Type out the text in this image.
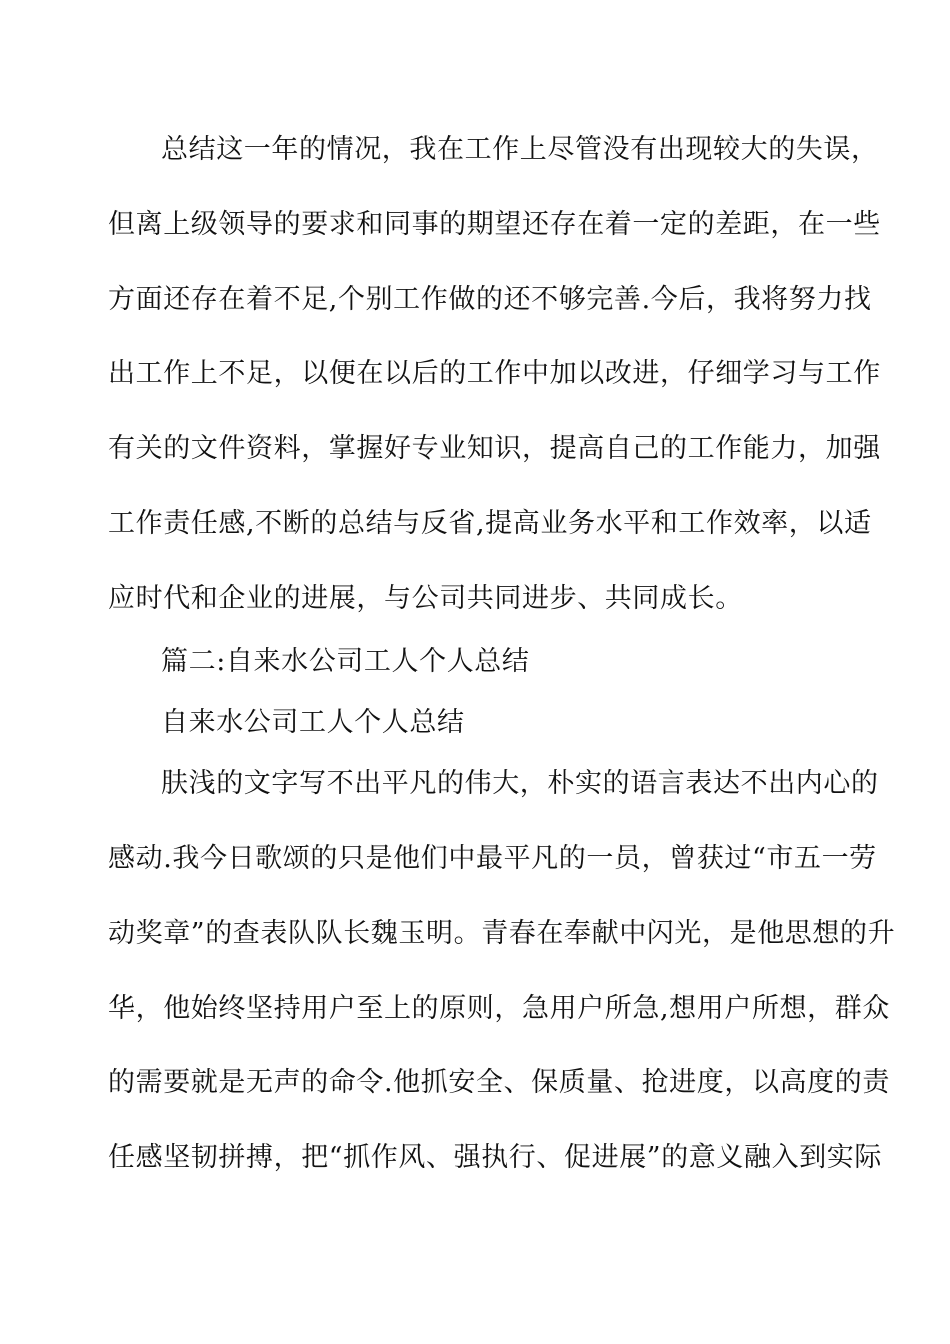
总结这一年的情况，我在工作上尽管没有出现较大的失误，
但离上级领导的要求和同事的期望还存在着一定的差距，在一些
方面还存在着不足,个别工作做的还不够完善.今后，我将努力找
出工作上不足，以便在以后的工作中加以改进，仔细学习与工作
有关的文件资料，掌握好专业知识，提高自己的工作能力，加强
工作责任感,不断的总结与反省,提高业务水平和工作效率，以适
应时代和企业的进展，与公司共同进步、共同成长。
篇二:自来水公司工人个人总结
自来水公司工人个人总结
肤浅的文字写不出平凡的伟大，朴实的语言表达不出内心的
感动.我今日歌颂的只是他们中最平凡的一员，曾获过“市五一劳
动奖章”的查表队队长魏玉明。青春在奉献中闪光，是他思想的升
华，他始终坚持用户至上的原则，急用户所急,想用户所想，群众
的需要就是无声的命令.他抓安全、保质量、抢进度，以高度的责
任感坚韧拼搏，把“抓作风、强执行、促进展”的意义融入到实际
